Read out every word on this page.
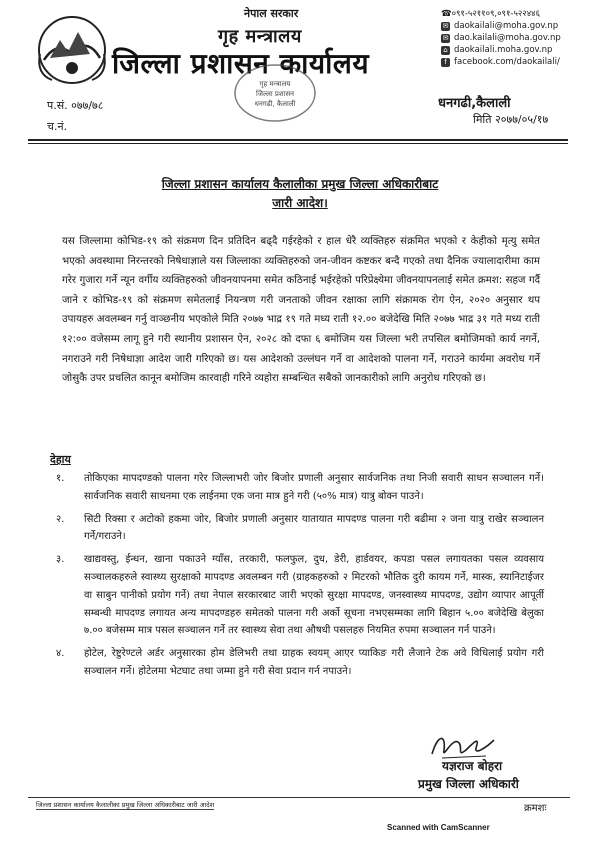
नेपाल सरकार
गृह मन्त्रालय
जिल्ला प्रशासन कार्यालय
गृह मन्त्रालय
जिल्ला प्रशासन
धनगढी, कैलाली
☎०९१-५२११०९,०९१-५२२४४६
✉ daokailali@moha.gov.np
✉ dao.kailali@moha.gov.np
⌂ daokailali.moha.gov.np
f facebook.com/daokailali/
प.सं. ०७७/७८
च.नं.
धनगढी,कैलाली
मिति २०७७/०५/१७
जिल्ला प्रशासन कार्यालय कैलालीका प्रमुख जिल्ला अधिकारीबाट
जारी आदेश।

यस जिल्लामा कोभिड-१९ को संक्रमण दिन प्रतिदिन बढ्दै गईरहेको र हाल धेरै व्यक्तिहरु संक्रमित भएको र केहीको मृत्यु समेत भएको अवस्थामा निरन्तरको निषेधाज्ञाले यस जिल्लाका व्यक्तिहरुको जन-जीवन कष्टकर बन्दै गएको तथा दैनिक ज्यालादारीमा काम गरेर गुजारा गर्ने न्यून वर्गीय व्यक्तिहरुको जीवनयापनमा समेत कठिनाई भईरहेको परिप्रेक्ष्येमा जीवनयापनलाई समेत क्रमश: सहज गर्दै जाने र कोभिड-१९ को संक्रमण समेतलाई नियन्त्रण गरी जनताको जीवन रक्षाका लागि संक्रामक रोग ऐन, २०२० अनुसार थप उपायहरु अवलम्बन गर्नु वाञ्छनीय भएकोले मिति २०७७ भाद्र १९ गते मध्य राती १२.०० बजेदेखि मिति २०७७ भाद्र ३१ गते मध्य राती १२:०० वजेसम्म लागू हुने गरी स्थानीय प्रशासन ऐन, २०२८ को दफा ६ बमोजिम यस जिल्ला भरी तपसिल बमोजिमको कार्य नगर्ने, नगराउने गरी निषेधाज्ञा आदेश जारी गरिएको छ। यस आदेशको उल्लंघन गर्ने वा आदेशको पालना गर्ने, गराउने कार्यमा अवरोध गर्ने जोसुकै उपर प्रचलित कानून बमोजिम कारवाही गरिने व्यहोरा सम्बन्धित सबैको जानकारीको लागि अनुरोध गरिएको छ।

देहाय
१.	तोकिएका मापदण्डको पालना गरेर जिल्लाभरी जोर बिजोर प्रणाली अनुसार सार्वजनिक तथा निजी सवारी साधन सञ्चालन गर्ने। सार्वजनिक सवारी साधनमा एक लाईनमा एक जना मात्र हुने गरी (५०% मात्र) यात्रु बोक्न पाउने।
२.	सिटी रिक्सा र अटोको हकमा जोर, बिजोर प्रणाली अनुसार यातायात मापदण्ड पालना गरी बढीमा २ जना यात्रु राखेर सञ्चालन गर्ने/गराउने।
३.	खाद्यवस्तु, ईन्धन, खाना पकाउने ग्याँस, तरकारी, फलफुल, दुध, डेरी, हार्डवयर, कपडा पसल लगायतका पसल व्यवसाय सञ्चालकहरुले स्वास्थ्य सुरक्षाको मापदण्ड अवलम्बन गरी (ग्राहकहरुको २ मिटरको भौतिक दुरी कायम गर्ने, मास्क, स्यानिटाईजर वा साबुन पानीको प्रयोग गर्ने) तथा नेपाल सरकारबाट जारी भएको सुरक्षा मापदण्ड, जनस्वास्थ्य मापदण्ड, उद्योग व्यापार आपूर्ती सम्बन्धी मापदण्ड लगायत अन्य मापदण्डहरु समेतको पालना गरी अर्को सूचना नभएसम्मका लागि बिहान ५.०० बजेदेखि बेलुका ७.०० बजेसम्म मात्र पसल सञ्चालन गर्ने तर स्वास्थ्य सेवा तथा औषधी पसलहरु नियमित रुपमा सञ्चालन गर्न पाउने।
४.	होटेल, रेष्टुरेण्टले अर्डर अनुसारका होम डेलिभरी तथा ग्राहक स्वयम् आएर प्याकिङ गरी लैजाने टेक अवे विधिलाई प्रयोग गरी सञ्चालन गर्ने। होटेलमा भेटघाट तथा जम्मा हुने गरी सेवा प्रदान गर्न नपाउने।
यज्ञराज बोहरा
प्रमुख जिल्ला अधिकारी
जिल्ला प्रशासन कार्यालय कैलालीका प्रमुख जिल्ला अधिकारीबाट जारी आदेश	क्रमशः
Scanned with CamScanner
